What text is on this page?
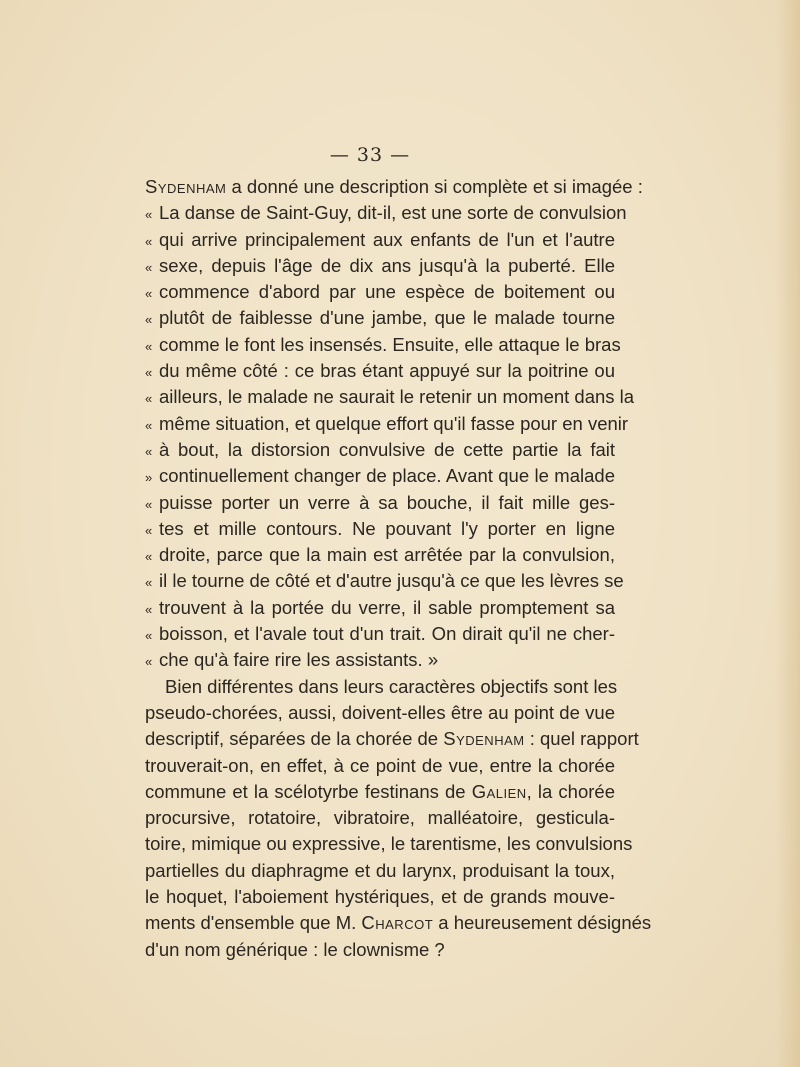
— 33 —
Sydenham a donné une description si complète et si imagée :
« La danse de Saint-Guy, dit-il, est une sorte de convulsion
« qui arrive principalement aux enfants de l'un et l'autre
« sexe, depuis l'âge de dix ans jusqu'à la puberté. Elle
« commence d'abord par une espèce de boitement ou
« plutôt de faiblesse d'une jambe, que le malade tourne
« comme le font les insensés. Ensuite, elle attaque le bras
« du même côté : ce bras étant appuyé sur la poitrine ou
« ailleurs, le malade ne saurait le retenir un moment dans la
« même situation, et quelque effort qu'il fasse pour en venir
« à bout, la distorsion convulsive de cette partie la fait
» continuellement changer de place. Avant que le malade
« puisse porter un verre à sa bouche, il fait mille ges-
« tes et mille contours. Ne pouvant l'y porter en ligne
« droite, parce que la main est arrêtée par la convulsion,
« il le tourne de côté et d'autre jusqu'à ce que les lèvres se
« trouvent à la portée du verre, il sable promptement sa
« boisson, et l'avale tout d'un trait. On dirait qu'il ne cher-
« che qu'à faire rire les assistants. »
Bien différentes dans leurs caractères objectifs sont les
pseudo-chorées, aussi, doivent-elles être au point de vue
descriptif, séparées de la chorée de Sydenham : quel rapport
trouverait-on, en effet, à ce point de vue, entre la chorée
commune et la scélotyrbe festinans de Galien, la chorée
procursive, rotatoire, vibratoire, malléatoire, gesticula-
toire, mimique ou expressive, le tarentisme, les convulsions
partielles du diaphragme et du larynx, produisant la toux,
le hoquet, l'aboiement hystériques, et de grands mouve-
ments d'ensemble que M. Charcot a heureusement désignés
d'un nom générique : le clownisme ?
